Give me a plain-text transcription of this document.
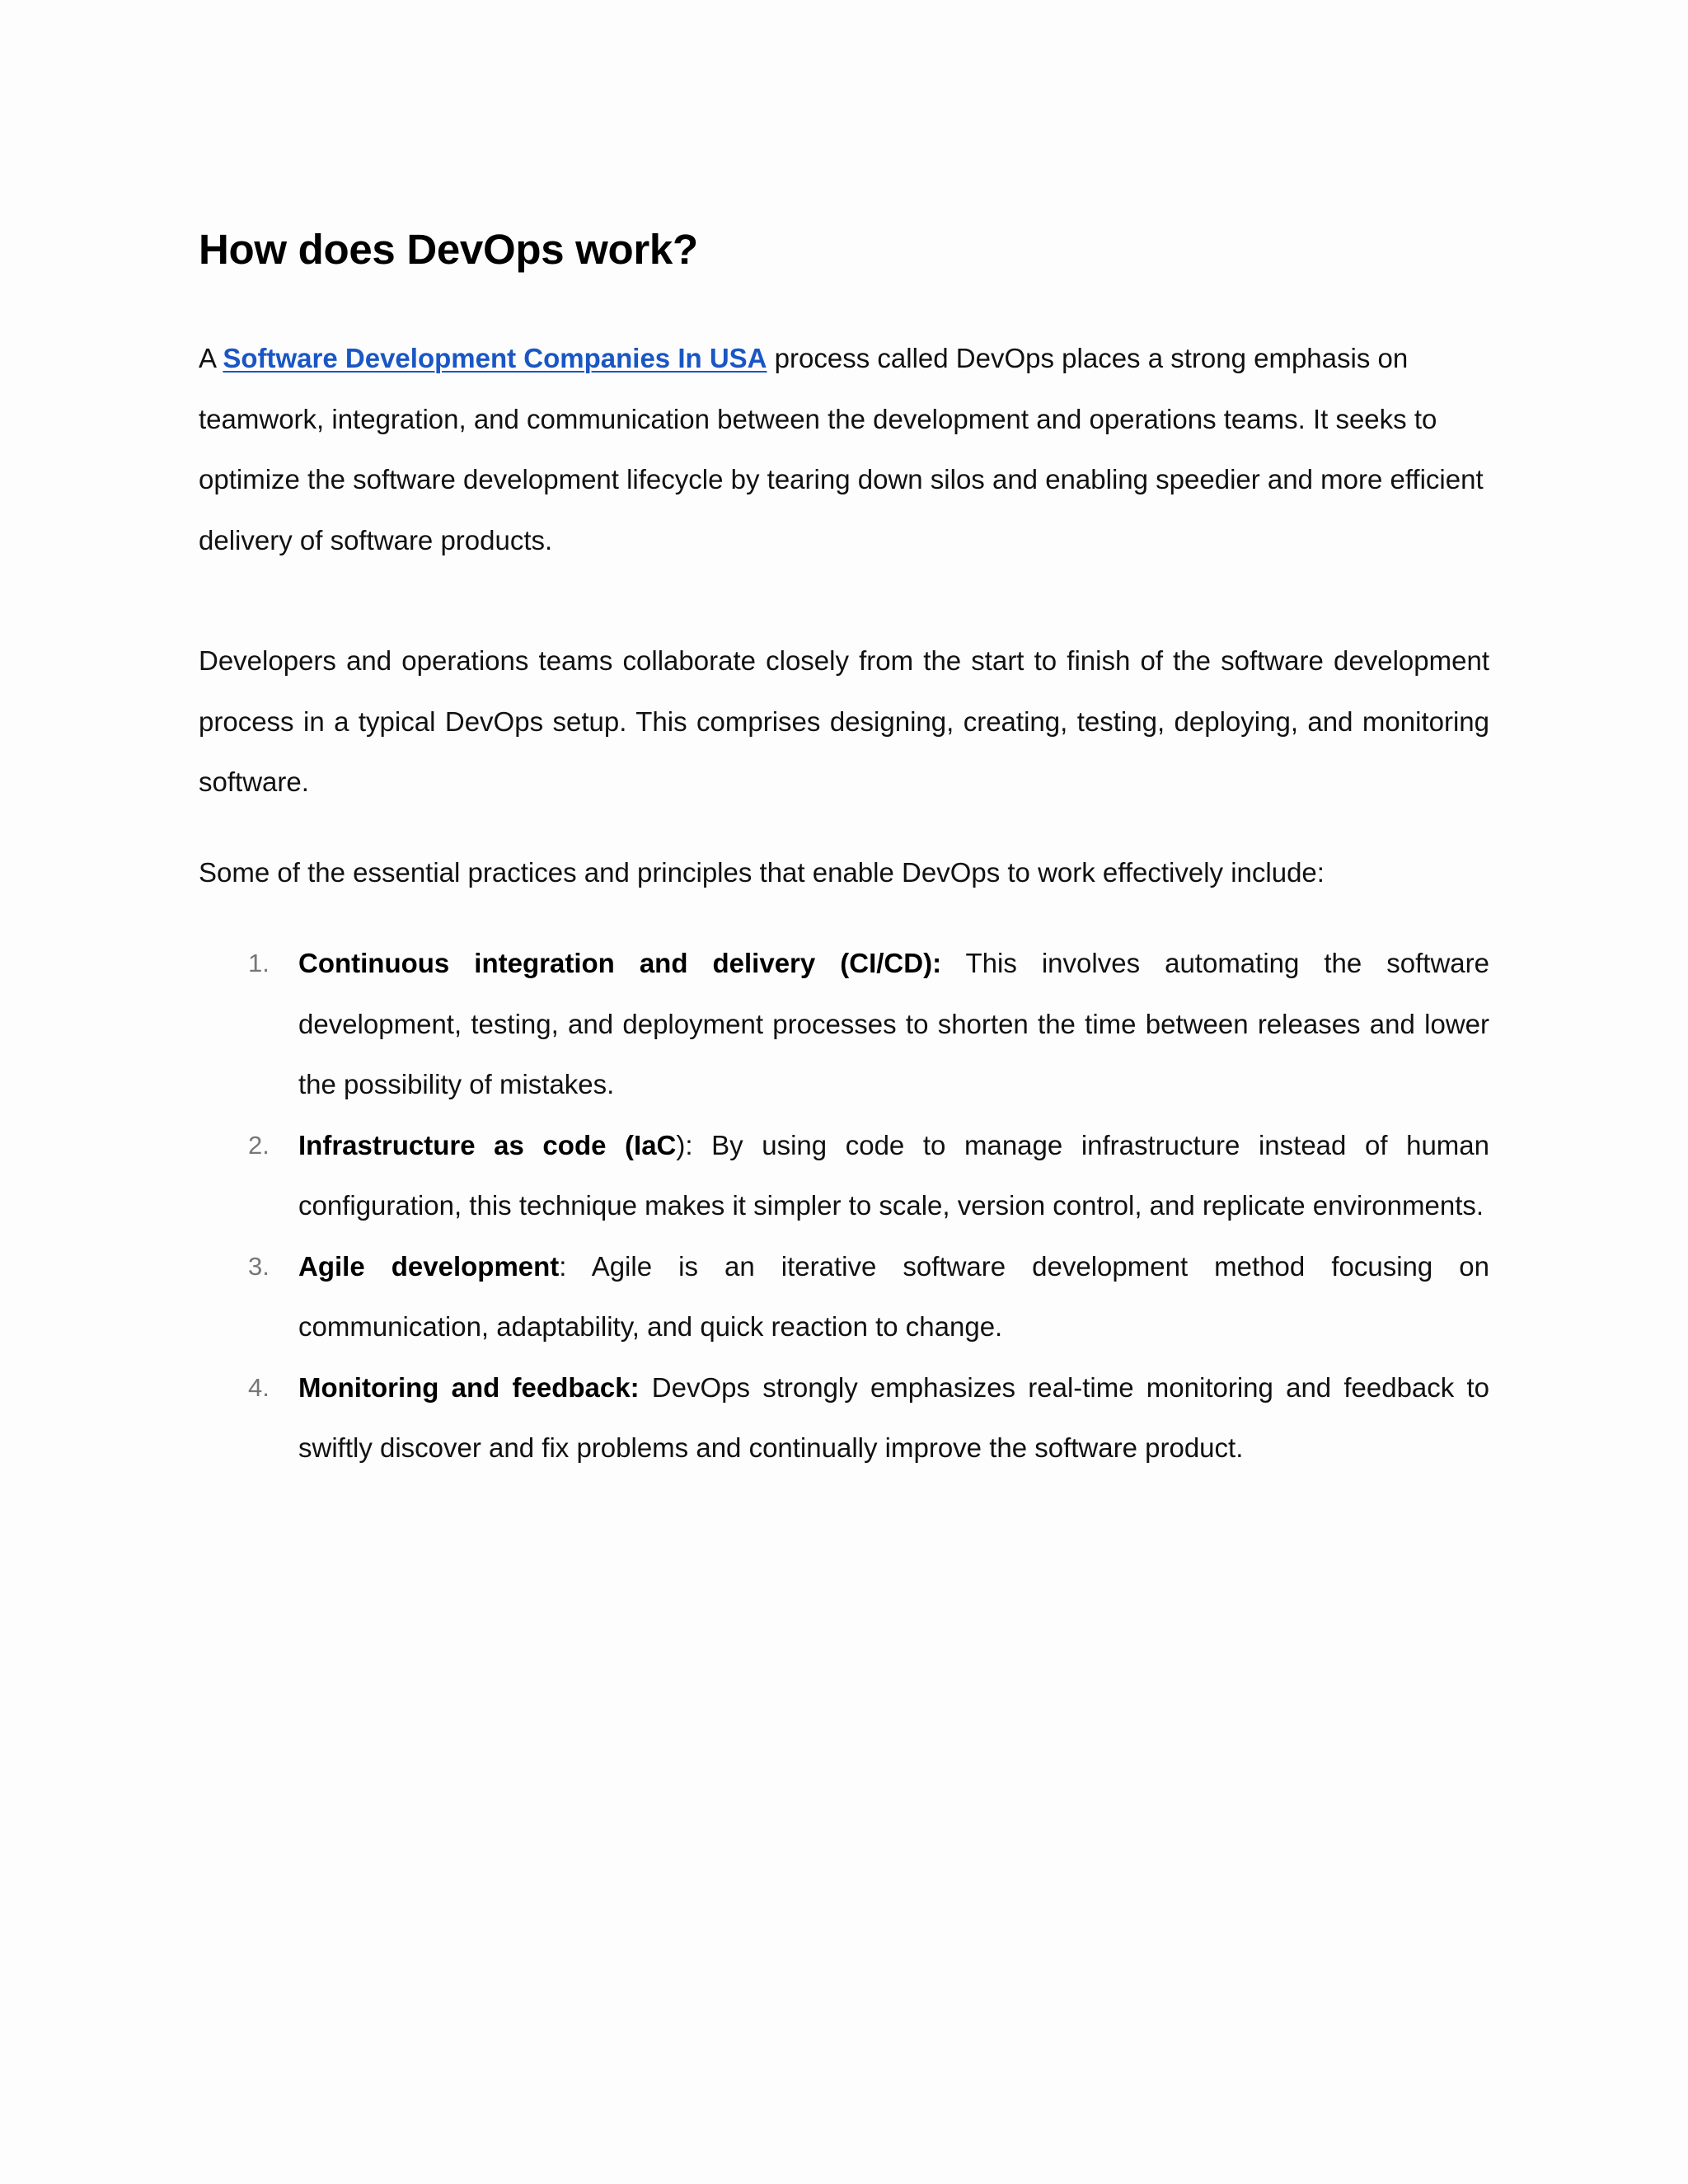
How does DevOps work?

A Software Development Companies In USA process called DevOps places a strong emphasis on teamwork, integration, and communication between the development and operations teams. It seeks to optimize the software development lifecycle by tearing down silos and enabling speedier and more efficient delivery of software products.

Developers and operations teams collaborate closely from the start to finish of the software development process in a typical DevOps setup. This comprises designing, creating, testing, deploying, and monitoring software.

Some of the essential practices and principles that enable DevOps to work effectively include:

1. Continuous integration and delivery (CI/CD): This involves automating the software development, testing, and deployment processes to shorten the time between releases and lower the possibility of mistakes.
2. Infrastructure as code (IaC): By using code to manage infrastructure instead of human configuration, this technique makes it simpler to scale, version control, and replicate environments.
3. Agile development: Agile is an iterative software development method focusing on communication, adaptability, and quick reaction to change.
4. Monitoring and feedback: DevOps strongly emphasizes real-time monitoring and feedback to swiftly discover and fix problems and continually improve the software product.
